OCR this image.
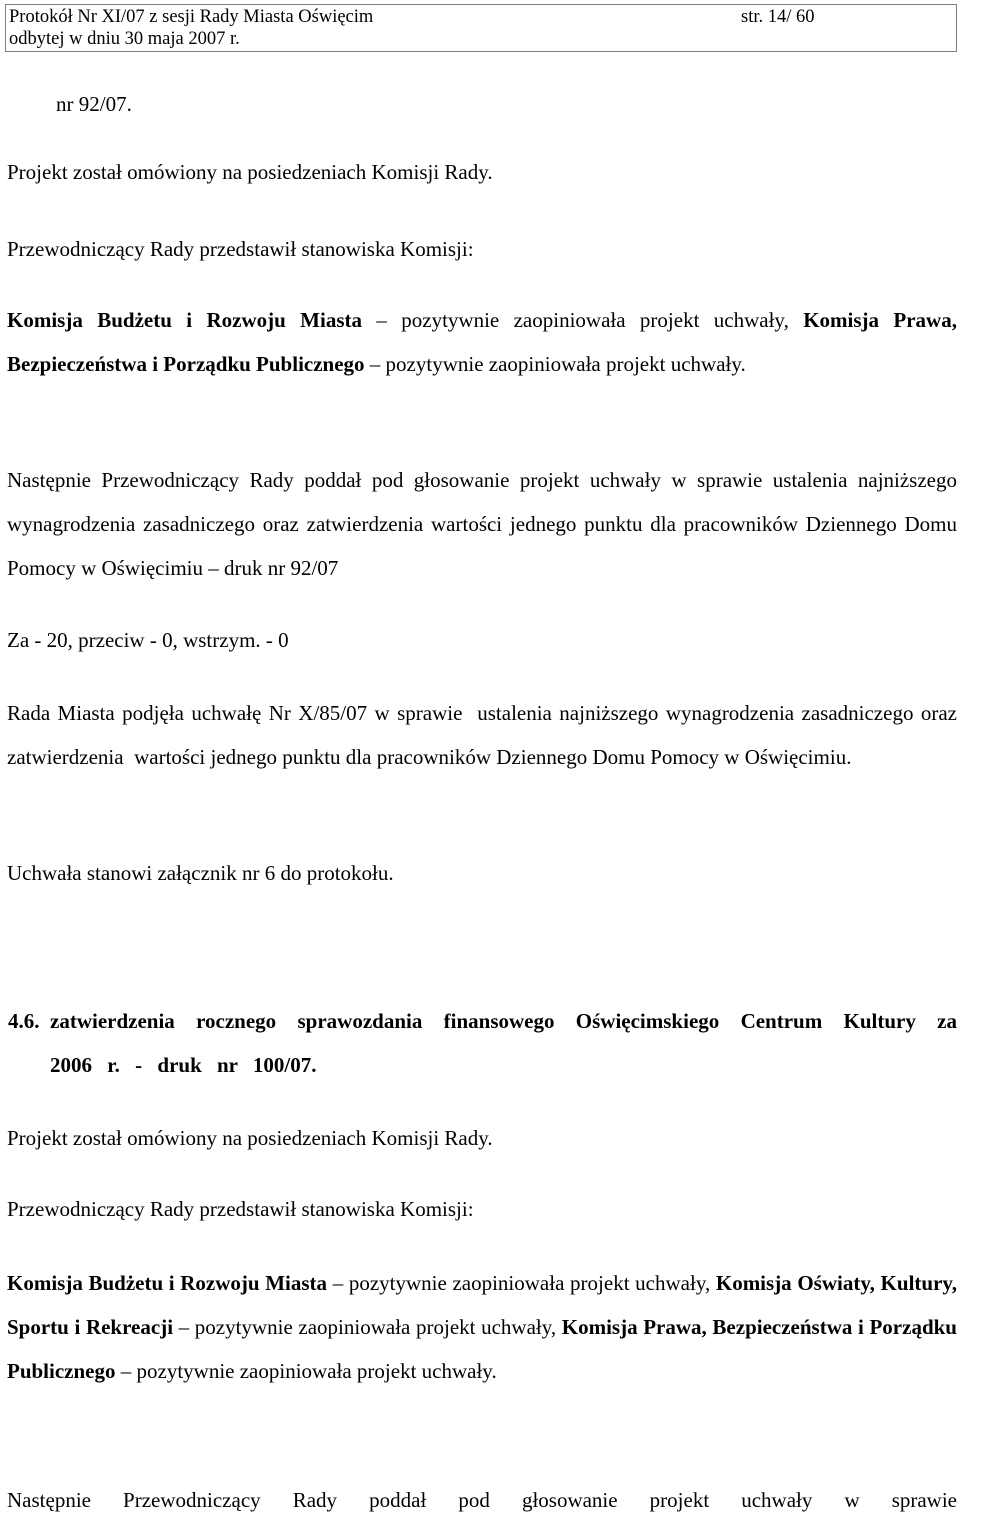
Protokół Nr XI/07 z sesji Rady Miasta Oświęcim
odbytej w dniu 30 maja 2007 r.
str. 14/ 60

nr 92/07.

Projekt został omówiony na posiedzeniach Komisji Rady.

Przewodniczący Rady przedstawił stanowiska Komisji:

Komisja Budżetu i Rozwoju Miasta – pozytywnie zaopiniowała projekt uchwały, Komisja Prawa, Bezpieczeństwa i Porządku Publicznego – pozytywnie zaopiniowała projekt uchwały.

Następnie Przewodniczący Rady poddał pod głosowanie projekt uchwały w sprawie ustalenia najniższego wynagrodzenia zasadniczego oraz zatwierdzenia wartości jednego punktu dla pracowników Dziennego Domu Pomocy w Oświęcimiu – druk nr 92/07

Za - 20, przeciw - 0, wstrzym. - 0

Rada Miasta podjęła uchwałę Nr X/85/07 w sprawie  ustalenia najniższego wynagrodzenia zasadniczego oraz zatwierdzenia  wartości jednego punktu dla pracowników Dziennego Domu Pomocy w Oświęcimiu.

Uchwała stanowi załącznik nr 6 do protokołu.

4.6. zatwierdzenia rocznego sprawozdania finansowego Oświęcimskiego Centrum Kultury za 2006 r. - druk nr 100/07.

Projekt został omówiony na posiedzeniach Komisji Rady.

Przewodniczący Rady przedstawił stanowiska Komisji:

Komisja Budżetu i Rozwoju Miasta – pozytywnie zaopiniowała projekt uchwały, Komisja Oświaty, Kultury, Sportu i Rekreacji – pozytywnie zaopiniowała projekt uchwały, Komisja Prawa, Bezpieczeństwa i Porządku Publicznego – pozytywnie zaopiniowała projekt uchwały.

Następnie Przewodniczący Rady poddał pod głosowanie projekt uchwały w sprawie
